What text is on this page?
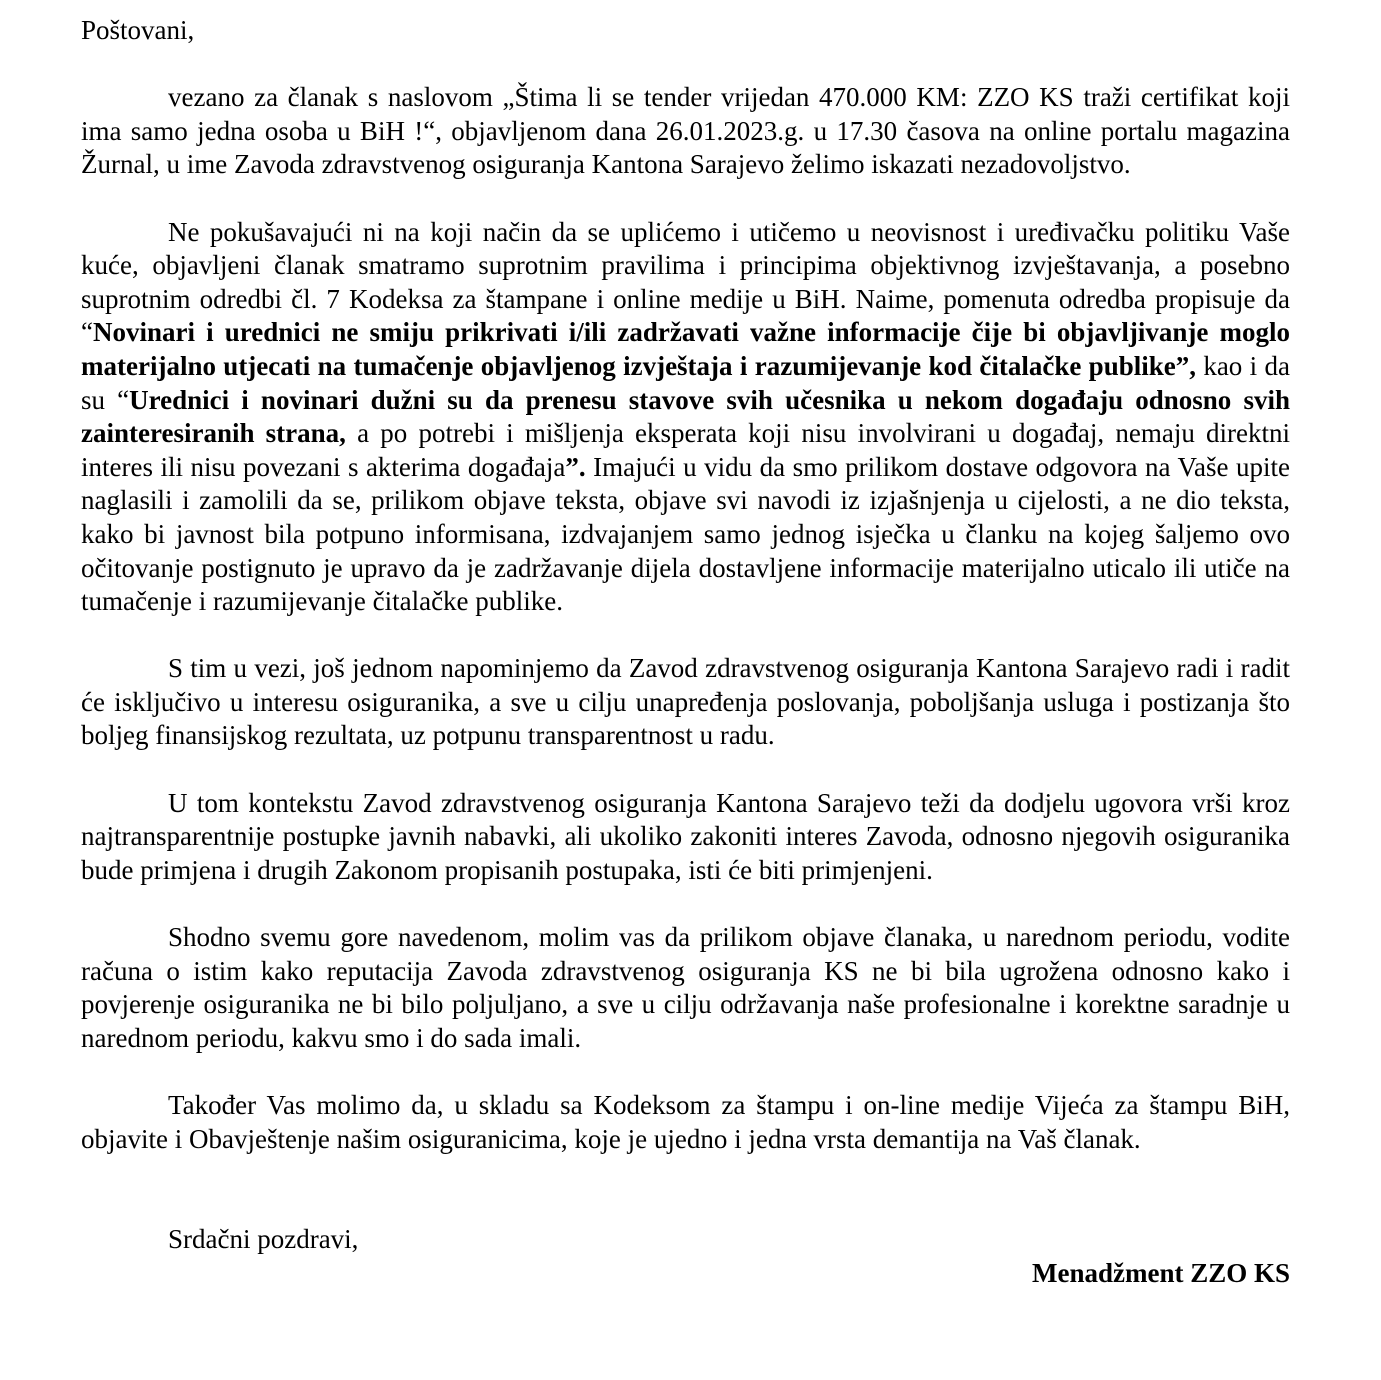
Poštovani,

vezano za članak s naslovom „Štima li se tender vrijedan 470.000 KM: ZZO KS traži certifikat koji ima samo jedna osoba u BiH !“, objavljenom dana 26.01.2023.g. u 17.30 časova na online portalu magazina Žurnal, u ime Zavoda zdravstvenog osiguranja Kantona Sarajevo želimo iskazati nezadovoljstvo.

Ne pokušavajući ni na koji način da se uplićemo i utičemo u neovisnost i uređivačku politiku Vaše kuće, objavljeni članak smatramo suprotnim pravilima i principima objektivnog izvještavanja, a posebno suprotnim odredbi čl. 7 Kodeksa za štampane i online medije u BiH. Naime, pomenuta odredba propisuje da “Novinari i urednici ne smiju prikrivati i/ili zadržavati važne informacije čije bi objavljivanje moglo materijalno utjecati na tumačenje objavljenog izvještaja i razumijevanje kod čitalačke publike”, kao i da su “Urednici i novinari dužni su da prenesu stavove svih učesnika u nekom događaju odnosno svih zainteresiranih strana, a po potrebi i mišljenja eksperata koji nisu involvirani u događaj, nemaju direktni interes ili nisu povezani s akterima događaja”. Imajući u vidu da smo prilikom dostave odgovora na Vaše upite naglasili i zamolili da se, prilikom objave teksta, objave svi navodi iz izjašnjenja u cijelosti, a ne dio teksta, kako bi javnost bila potpuno informisana, izdvajanjem samo jednog isječka u članku na kojeg šaljemo ovo očitovanje postignuto je upravo da je zadržavanje dijela dostavljene informacije materijalno uticalo ili utiče na tumačenje i razumijevanje čitalačke publike.

S tim u vezi, još jednom napominjemo da Zavod zdravstvenog osiguranja Kantona Sarajevo radi i radit će isključivo u interesu osiguranika, a sve u cilju unapređenja poslovanja, poboljšanja usluga i postizanja što boljeg finansijskog rezultata, uz potpunu transparentnost u radu.

U tom kontekstu Zavod zdravstvenog osiguranja Kantona Sarajevo teži da dodjelu ugovora vrši kroz najtransparentnije postupke javnih nabavki, ali ukoliko zakoniti interes Zavoda, odnosno njegovih osiguranika bude primjena i drugih Zakonom propisanih postupaka, isti će biti primjenjeni.

Shodno svemu gore navedenom, molim vas da prilikom objave članaka, u narednom periodu, vodite računa o istim kako reputacija Zavoda zdravstvenog osiguranja KS ne bi bila ugrožena odnosno kako i povjerenje osiguranika ne bi bilo poljuljano, a sve u cilju održavanja naše profesionalne i korektne saradnje u narednom periodu, kakvu smo i do sada imali.

Također Vas molimo da, u skladu sa Kodeksom za štampu i on-line medije Vijeća za štampu BiH, objavite i Obavještenje našim osiguranicima, koje je ujedno i jedna vrsta demantija na Vaš članak.

Srdačni pozdravi,

Menadžment ZZO KS
